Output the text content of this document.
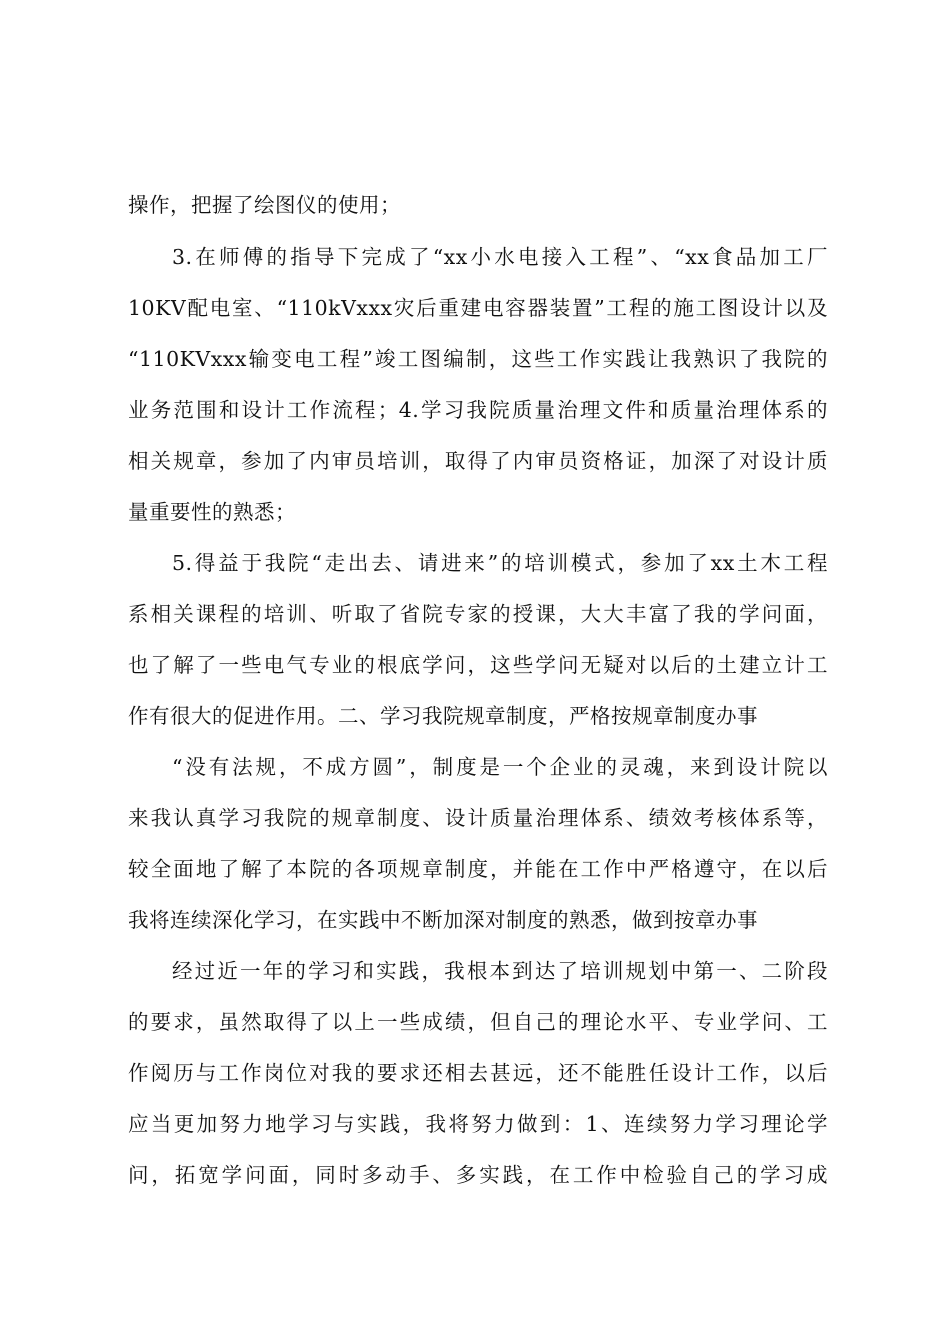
操作，把握了绘图仪的使用；
3.在师傅的指导下完成了“xx小水电接入工程”、“xx食品加工厂
10KV配电室、“110kVxxx灾后重建电容器装置”工程的施工图设计以及
“110KVxxx输变电工程”竣工图编制，这些工作实践让我熟识了我院的
业务范围和设计工作流程；4.学习我院质量治理文件和质量治理体系的
相关规章，参加了内审员培训，取得了内审员资格证，加深了对设计质
量重要性的熟悉；
5.得益于我院“走出去、请进来”的培训模式，参加了xx土木工程
系相关课程的培训、听取了省院专家的授课，大大丰富了我的学问面，
也了解了一些电气专业的根底学问，这些学问无疑对以后的土建立计工
作有很大的促进作用。二、学习我院规章制度，严格按规章制度办事
“没有法规，不成方圆”，制度是一个企业的灵魂，来到设计院以
来我认真学习我院的规章制度、设计质量治理体系、绩效考核体系等，
较全面地了解了本院的各项规章制度，并能在工作中严格遵守，在以后
我将连续深化学习，在实践中不断加深对制度的熟悉，做到按章办事
经过近一年的学习和实践，我根本到达了培训规划中第一、二阶段
的要求，虽然取得了以上一些成绩，但自己的理论水平、专业学问、工
作阅历与工作岗位对我的要求还相去甚远，还不能胜任设计工作，以后
应当更加努力地学习与实践，我将努力做到：1、连续努力学习理论学
问，拓宽学问面，同时多动手、多实践，在工作中检验自己的学习成
